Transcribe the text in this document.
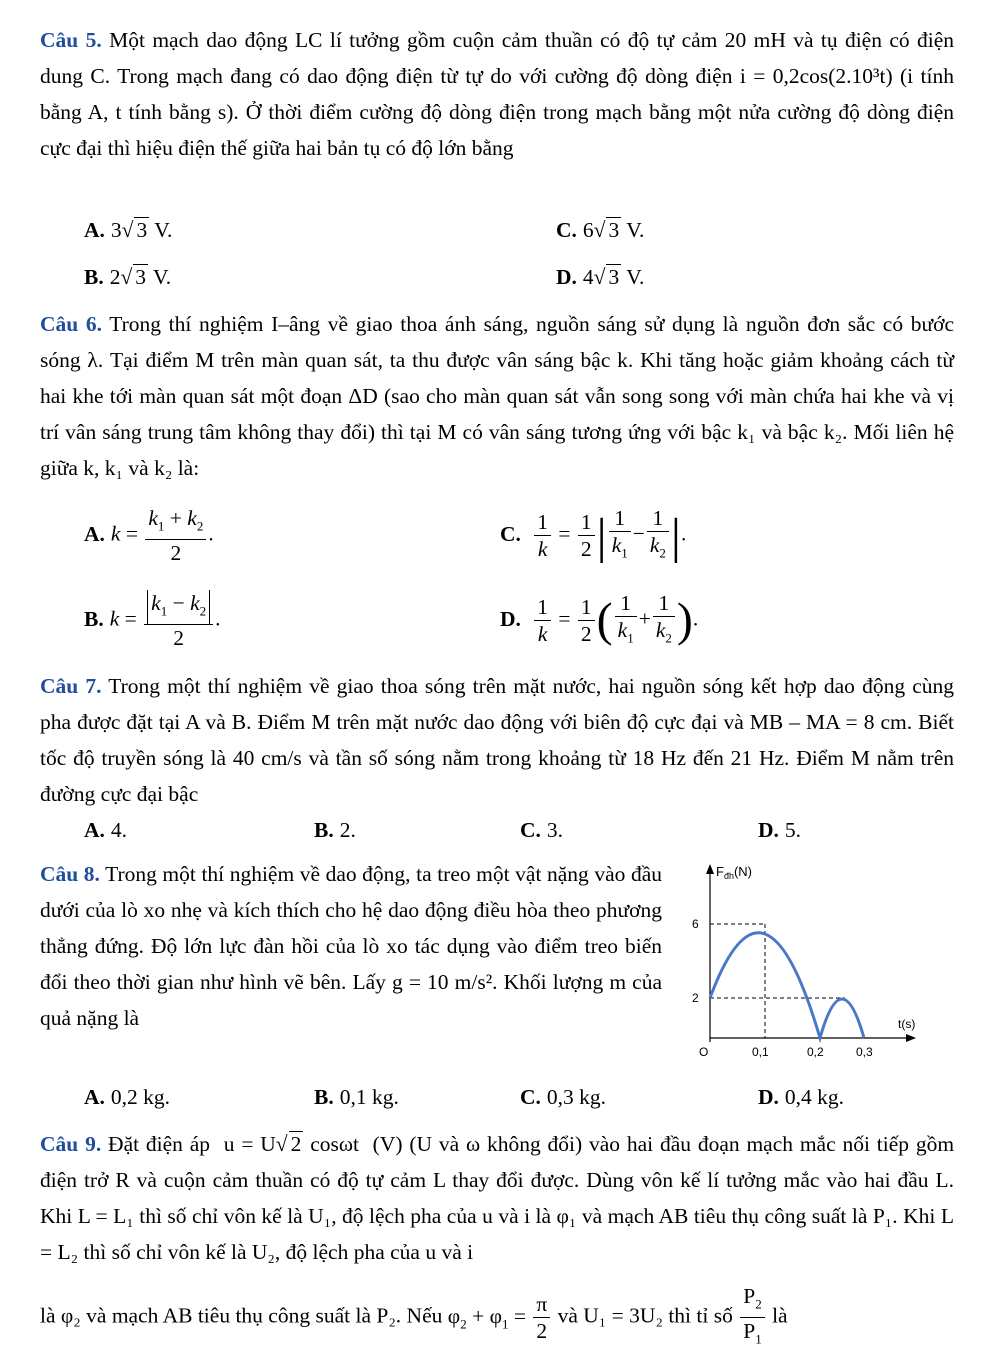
Câu 5. Một mạch dao động LC lí tưởng gồm cuộn cảm thuần có độ tự cảm 20 mH và tụ điện có điện dung C. Trong mạch đang có dao động điện từ tự do với cường độ dòng điện i = 0,2cos(2.10³t) (i tính bằng A, t tính bằng s). Ở thời điểm cường độ dòng điện trong mạch bằng một nửa cường độ dòng điện cực đại thì hiệu điện thế giữa hai bản tụ có độ lớn bằng
A. 3√ 3 V.
B. 2√ 3 V.
C. 6√ 3 V.
D. 4√ 3 V.
Câu 6. Trong thí nghiệm I–âng về giao thoa ánh sáng, nguồn sáng sử dụng là nguồn đơn sắc có bước sóng λ. Tại điểm M trên màn quan sát, ta thu được vân sáng bậc k. Khi tăng hoặc giảm khoảng cách từ hai khe tới màn quan sát một đoạn ΔD (sao cho màn quan sát vẫn song song với màn chứa hai khe và vị trí vân sáng trung tâm không thay đổi) thì tại M có vân sáng tương ứng với bậc k₁ và bậc k₂. Mối liên hệ giữa k, k₁ và k₂ là:
A. $k = \frac{k_1 + k_2}{2}$ .
B. $k = \frac{k_1 - k_2}{2}$ .
C. $\frac{1}{k} = \frac{1}{2}$ | $\frac{1}{k_1} - \frac{1}{k_2}$ |.
D. $\frac{1}{k} = \frac{1}{2}$ ( $\frac{1}{k_1} + \frac{1}{k_2}$ ).
Câu 7. Trong một thí nghiệm về giao thoa sóng trên mặt nước, hai nguồn sóng kết hợp dao động cùng pha được đặt tại A và B. Điểm M trên mặt nước dao động với biên độ cực đại và MB – MA = 8 cm. Biết tốc độ truyền sóng là 40 cm/s và tần số sóng nằm trong khoảng từ 18 Hz đến 21 Hz. Điểm M nằm trên đường cực đại bậc
A. 4.	B. 2.	C. 3.	D. 5.
Câu 8. Trong một thí nghiệm về dao động, ta treo một vật nặng vào đầu dưới của lò xo nhẹ và kích thích cho hệ dao động điều hòa theo phương thẳng đứng. Độ lớn lực đàn hồi của lò xo tác dụng vào điểm treo biến đổi theo thời gian như hình vẽ bên. Lấy g = 10 m/s². Khối lượng m của quả nặng là
$F_{đh}(N)$
6
2
O	0,1	0,2	0,3
t(s)
A. 0,2 kg.	B. 0,1 kg.	C. 0,3 kg.	D. 0,4 kg.
Câu 9. Đặt điện áp  u = U√ 2 cosωt  (V) (U và ω không đổi) vào hai đầu đoạn mạch mắc nối tiếp gồm điện trở R và cuộn cảm thuần có độ tự cảm L thay đổi được. Dùng vôn kế lí tưởng mắc vào hai đầu L. Khi L = L₁ thì số chỉ vôn kế là U₁, độ lệch pha của u và i là φ₁ và mạch AB tiêu thụ công suất là P₁. Khi L = L₂ thì số chỉ vôn kế là U₂, độ lệch pha của u và i
là φ₂ và mạch AB tiêu thụ công suất là P₂. Nếu $\varphi_2 + \varphi_1 = \frac{\pi}{2}$ và U₁ = 3U₂ thì tỉ số $\frac{P_2}{P_1}$ là
